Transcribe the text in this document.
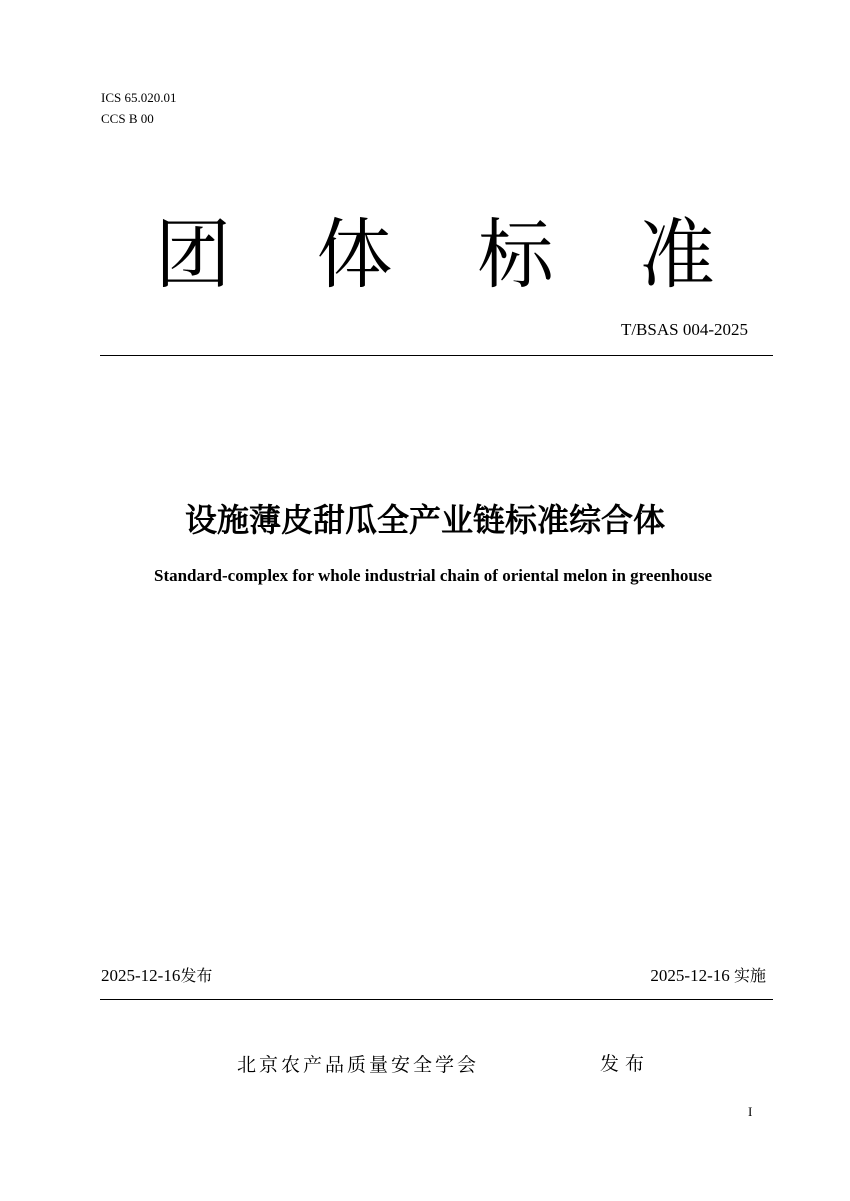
ICS 65.020.01
CCS B 00
团 体 标 准
T/BSAS 004-2025
设施薄皮甜瓜全产业链标准综合体
Standard-complex for whole industrial chain of oriental melon in greenhouse
2025-12-16发布	2025-12-16 实施
北京农产品质量安全学会	发布
I
